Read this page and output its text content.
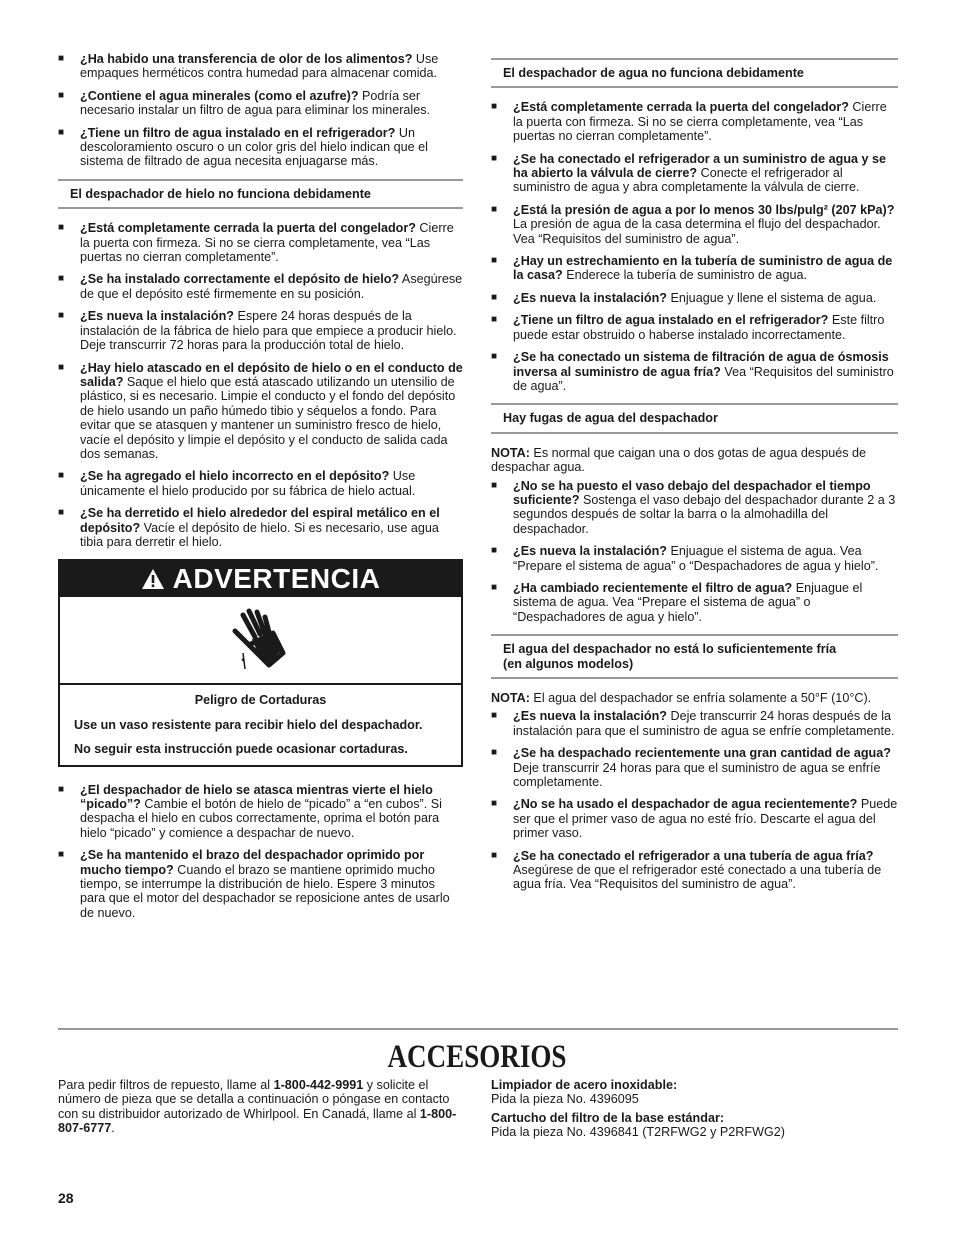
■	¿Ha habido una transferencia de olor de los alimentos? Use empaques herméticos contra humedad para almacenar comida.
■	¿Contiene el agua minerales (como el azufre)? Podría ser necesario instalar un filtro de agua para eliminar los minerales.
■	¿Tiene un filtro de agua instalado en el refrigerador? Un descoloramiento oscuro o un color gris del hielo indican que el sistema de filtrado de agua necesita enjuagarse más.
El despachador de hielo no funciona debidamente
■	¿Está completamente cerrada la puerta del congelador? Cierre la puerta con firmeza. Si no se cierra completamente, vea “Las puertas no cierran completamente”.
■	¿Se ha instalado correctamente el depósito de hielo? Asegúrese de que el depósito esté firmemente en su posición.
■	¿Es nueva la instalación? Espere 24 horas después de la instalación de la fábrica de hielo para que empiece a producir hielo. Deje transcurrir 72 horas para la producción total de hielo.
■	¿Hay hielo atascado en el depósito de hielo o en el conducto de salida? Saque el hielo que está atascado utilizando un utensilio de plástico, si es necesario. Limpie el conducto y el fondo del depósito de hielo usando un paño húmedo tibio y séquelos a fondo. Para evitar que se atasquen y mantener un suministro fresco de hielo, vacíe el depósito y limpie el depósito y el conducto de salida cada dos semanas.
■	¿Se ha agregado el hielo incorrecto en el depósito? Use únicamente el hielo producido por su fábrica de hielo actual.
■	¿Se ha derretido el hielo alrededor del espiral metálico en el depósito? Vacíe el depósito de hielo. Si es necesario, use agua tibia para derretir el hielo.
ADVERTENCIA
Peligro de Cortaduras
Use un vaso resistente para recibir hielo del despachador.
No seguir esta instrucción puede ocasionar cortaduras.
■	¿El despachador de hielo se atasca mientras vierte el hielo “picado”? Cambie el botón de hielo de “picado” a “en cubos”. Si despacha el hielo en cubos correctamente, oprima el botón para hielo “picado” y comience a despachar de nuevo.
■	¿Se ha mantenido el brazo del despachador oprimido por mucho tiempo? Cuando el brazo se mantiene oprimido mucho tiempo, se interrumpe la distribución de hielo. Espere 3 minutos para que el motor del despachador se reposicione antes de usarlo de nuevo.
El despachador de agua no funciona debidamente
■	¿Está completamente cerrada la puerta del congelador? Cierre la puerta con firmeza. Si no se cierra completamente, vea “Las puertas no cierran completamente”.
■	¿Se ha conectado el refrigerador a un suministro de agua y se ha abierto la válvula de cierre? Conecte el refrigerador al suministro de agua y abra completamente la válvula de cierre.
■	¿Está la presión de agua a por lo menos 30 lbs/pulg² (207 kPa)? La presión de agua de la casa determina el flujo del despachador. Vea “Requisitos del suministro de agua”.
■	¿Hay un estrechamiento en la tubería de suministro de agua de la casa? Enderece la tubería de suministro de agua.
■	¿Es nueva la instalación? Enjuague y llene el sistema de agua.
■	¿Tiene un filtro de agua instalado en el refrigerador? Este filtro puede estar obstruido o haberse instalado incorrectamente.
■	¿Se ha conectado un sistema de filtración de agua de ósmosis inversa al suministro de agua fría? Vea “Requisitos del suministro de agua”.
Hay fugas de agua del despachador
NOTA: Es normal que caigan una o dos gotas de agua después de despachar agua.
■	¿No se ha puesto el vaso debajo del despachador el tiempo suficiente? Sostenga el vaso debajo del despachador durante 2 a 3 segundos después de soltar la barra o la almohadilla del despachador.
■	¿Es nueva la instalación? Enjuague el sistema de agua. Vea “Prepare el sistema de agua” o “Despachadores de agua y hielo”.
■	¿Ha cambiado recientemente el filtro de agua? Enjuague el sistema de agua. Vea “Prepare el sistema de agua” o “Despachadores de agua y hielo”.
El agua del despachador no está lo suficientemente fría
(en algunos modelos)
NOTA: El agua del despachador se enfría solamente a 50°F (10°C).
■	¿Es nueva la instalación? Deje transcurrir 24 horas después de la instalación para que el suministro de agua se enfríe completamente.
■	¿Se ha despachado recientemente una gran cantidad de agua? Deje transcurrir 24 horas para que el suministro de agua se enfríe completamente.
■	¿No se ha usado el despachador de agua recientemente? Puede ser que el primer vaso de agua no esté frío. Descarte el agua del primer vaso.
■	¿Se ha conectado el refrigerador a una tubería de agua fría? Asegúrese de que el refrigerador esté conectado a una tubería de agua fría. Vea “Requisitos del suministro de agua”.
ACCESORIOS
Para pedir filtros de repuesto, llame al 1-800-442-9991 y solicite el número de pieza que se detalla a continuación o póngase en contacto con su distribuidor autorizado de Whirlpool. En Canadá, llame al 1-800-807-6777.
Limpiador de acero inoxidable:
Pida la pieza No. 4396095
Cartucho del filtro de la base estándar:
Pida la pieza No. 4396841 (T2RFWG2 y P2RFWG2)
28
